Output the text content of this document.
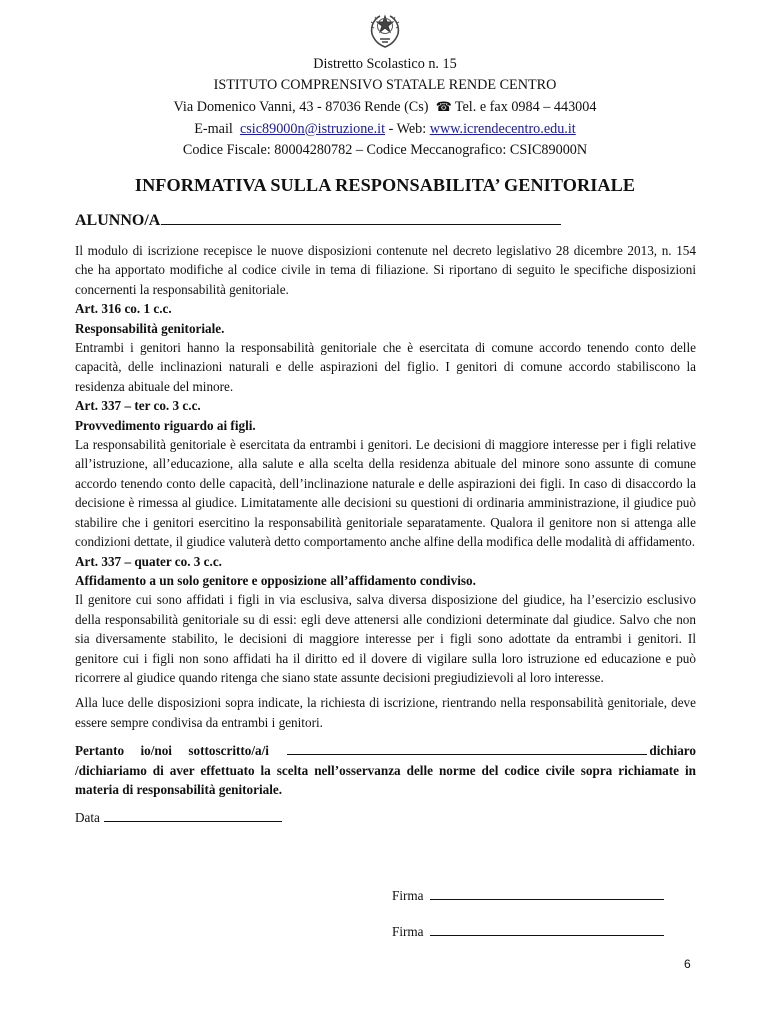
Distretto Scolastico n. 15
ISTITUTO COMPRENSIVO STATALE RENDE CENTRO
Via Domenico Vanni, 43 - 87036 Rende (Cs) ☎ Tel. e fax 0984 – 443004
E-mail csic89000n@istruzione.it - Web: www.icrendecentro.edu.it
Codice Fiscale: 80004280782 – Codice Meccanografico: CSIC89000N
INFORMATIVA SULLA RESPONSABILITA’ GENITORIALE
ALUNNO/A

Il modulo di iscrizione recepisce le nuove disposizioni contenute nel decreto legislativo 28 dicembre 2013, n. 154 che ha apportato modifiche al codice civile in tema di filiazione. Si riportano di seguito le specifiche disposizioni concernenti la responsabilità genitoriale.

Art. 316 co. 1 c.c.

Responsabilità genitoriale.

Entrambi i genitori hanno la responsabilità genitoriale che è esercitata di comune accordo tenendo conto delle capacità, delle inclinazioni naturali e delle aspirazioni del figlio. I genitori di comune accordo stabiliscono la residenza abituale del minore.

Art. 337 – ter co. 3 c.c.

Provvedimento riguardo ai figli.

La responsabilità genitoriale è esercitata da entrambi i genitori. Le decisioni di maggiore interesse per i figli relative all’istruzione, all’educazione, alla salute e alla scelta della residenza abituale del minore sono assunte di comune accordo tenendo conto delle capacità, dell’inclinazione naturale e delle aspirazioni dei figli. In caso di disaccordo la decisione è rimessa al giudice. Limitatamente alle decisioni su questioni di ordinaria amministrazione, il giudice può stabilire che i genitori esercitino la responsabilità genitoriale separatamente. Qualora il genitore non si attenga alle condizioni dettate, il giudice valuterà detto comportamento anche alfine della modifica delle modalità di affidamento.

Art. 337 – quater co. 3 c.c.

Affidamento a un solo genitore e opposizione all’affidamento condiviso.

Il genitore cui sono affidati i figli in via esclusiva, salva diversa disposizione del giudice, ha l’esercizio esclusivo della responsabilità genitoriale su di essi: egli deve attenersi alle condizioni determinate dal giudice. Salvo che non sia diversamente stabilito, le decisioni di maggiore interesse per i figli sono adottate da entrambi i genitori. Il genitore cui i figli non sono affidati ha il diritto ed il dovere di vigilare sulla loro istruzione ed educazione e può ricorrere al giudice quando ritenga che siano state assunte decisioni pregiudizievoli al loro interesse.

Alla luce delle disposizioni sopra indicate, la richiesta di iscrizione, rientrando nella responsabilità genitoriale, deve essere sempre condivisa da entrambi i genitori.

Pertanto io/noi sottoscritto/a/i	dichiaro /dichiariamo di aver effettuato la scelta nell’osservanza delle norme del codice civile sopra richiamate in materia di responsabilità genitoriale.

Data

Firma
Firma
6
